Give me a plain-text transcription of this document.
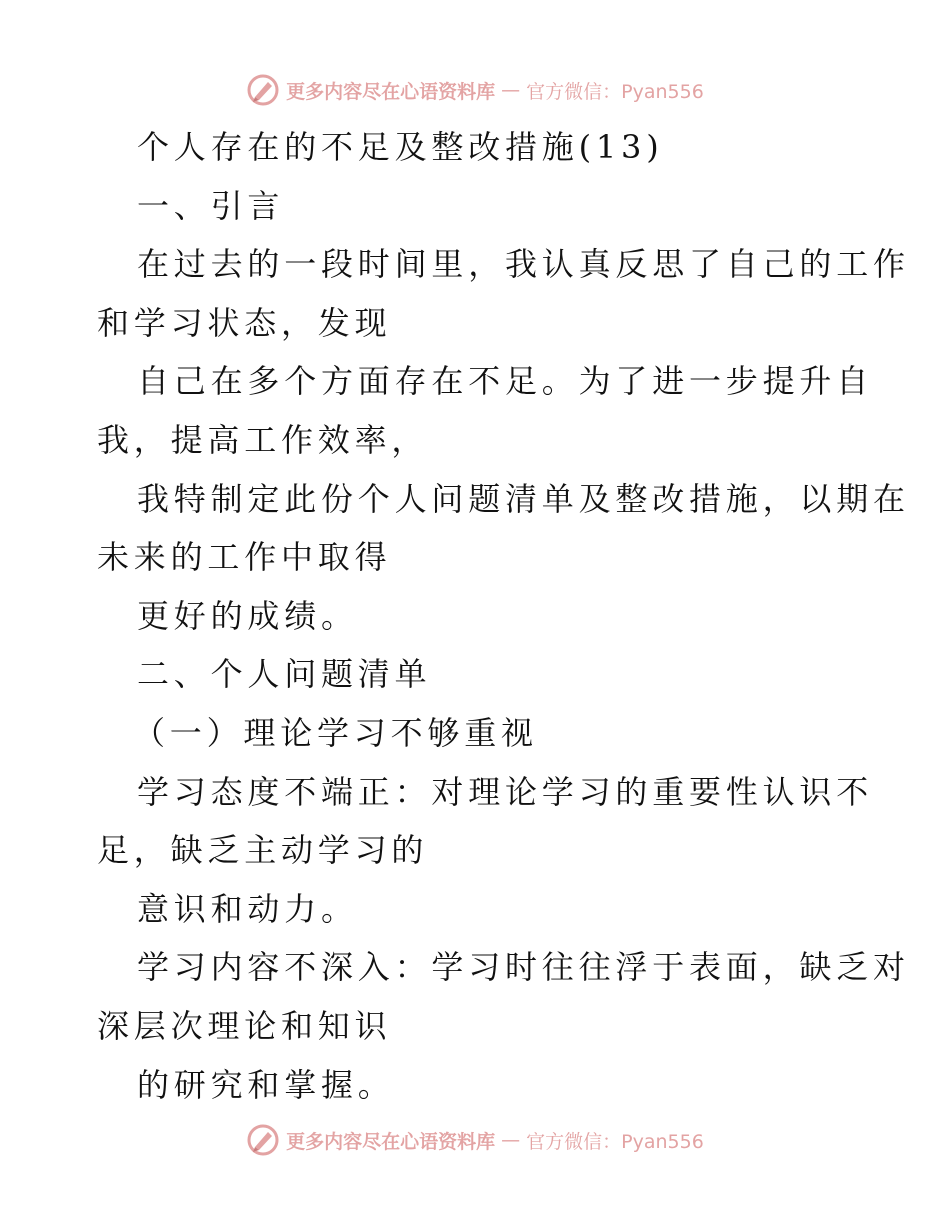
更多内容尽在心语资料库 — 官方微信：Pyan556
个人存在的不足及整改措施(13)
一、引言
在过去的一段时间里，我认真反思了自己的工作
和学习状态，发现
自己在多个方面存在不足。为了进一步提升自
我，提高工作效率，
我特制定此份个人问题清单及整改措施，以期在
未来的工作中取得
更好的成绩。
二、个人问题清单
（一）理论学习不够重视
学习态度不端正：对理论学习的重要性认识不
足，缺乏主动学习的
意识和动力。
学习内容不深入：学习时往往浮于表面，缺乏对
深层次理论和知识
的研究和掌握。
更多内容尽在心语资料库 — 官方微信：Pyan556
